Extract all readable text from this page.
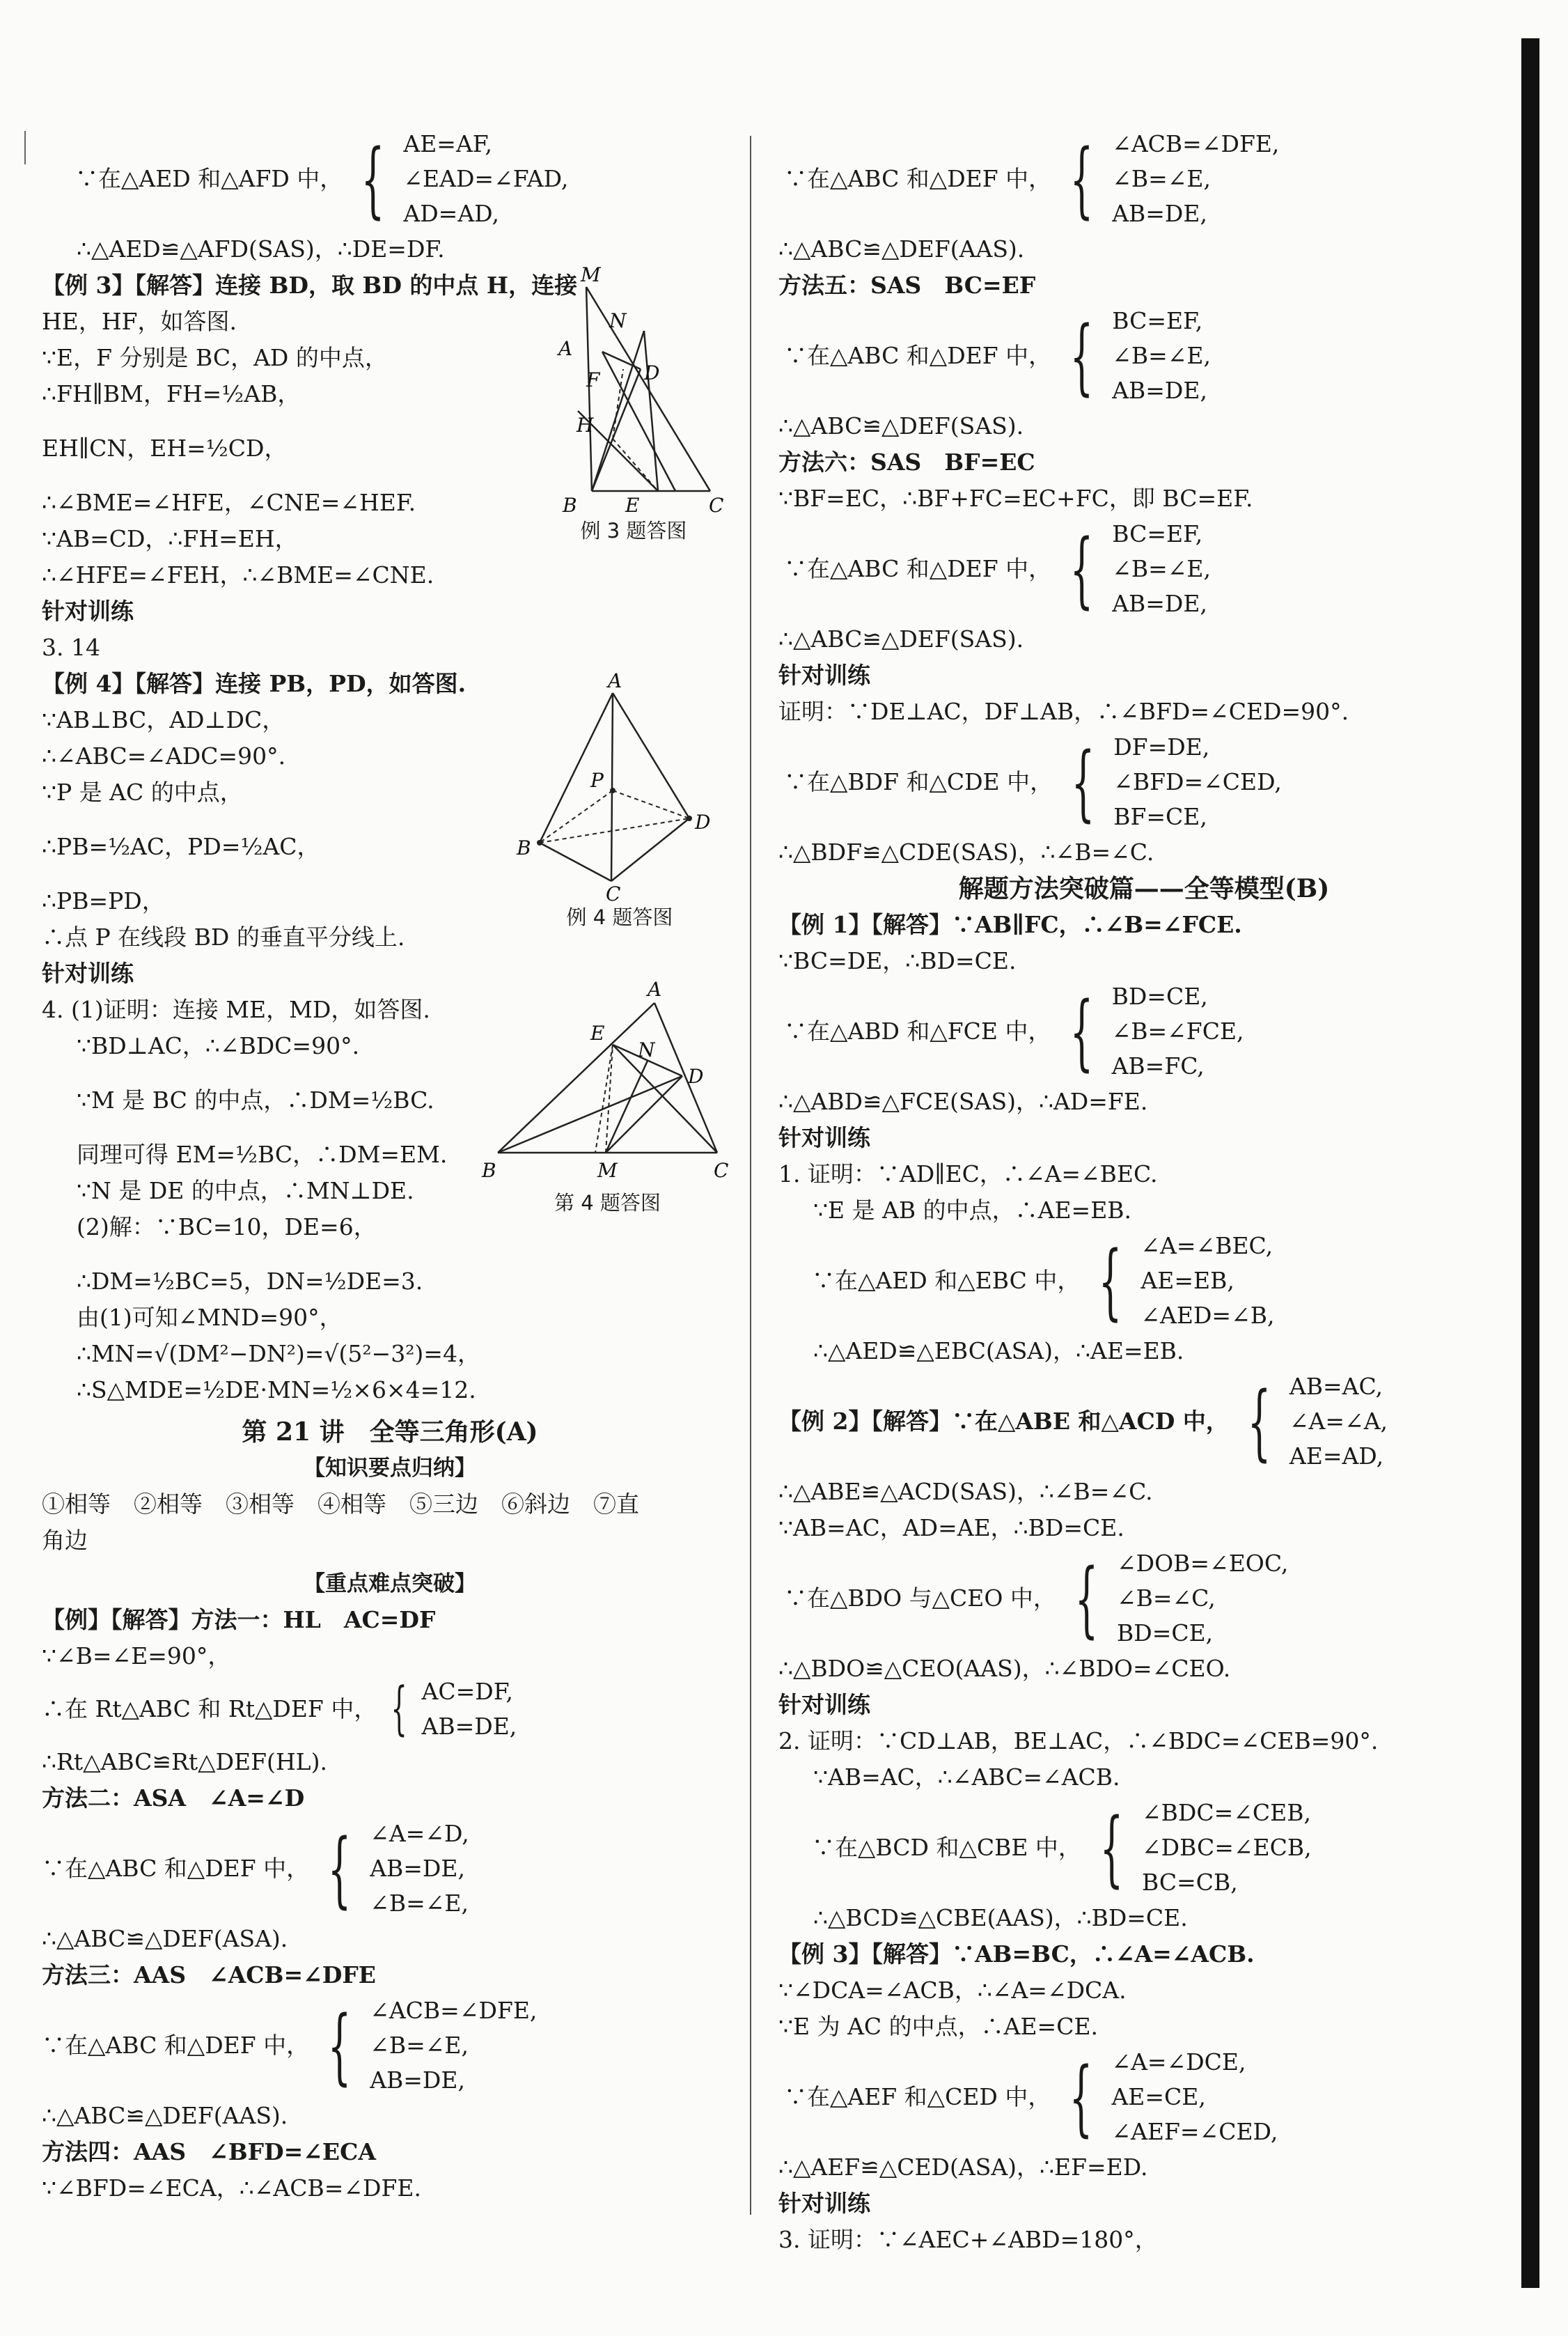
∵在△AED 和△AFD 中， { AE=AF,
∠EAD=∠FAD,
AD=AD,
∴△AED≌△AFD(SAS)，∴DE=DF.
【例 3】【解答】连接 BD，取 BD 的中点 H，连接
HE，HF，如答图.
∵E，F 分别是 BC，AD 的中点，
∴FH∥BM，FH=½AB，
EH∥CN，EH=½CD，
∴∠BME=∠HFE，∠CNE=∠HEF.
∵AB=CD，∴FH=EH，
∴∠HFE=∠FEH，∴∠BME=∠CNE.
针对训练
3. 14
【例 4】【解答】连接 PB，PD，如答图.
∵AB⊥BC，AD⊥DC，
∴∠ABC=∠ADC=90°.
∵P 是 AC 的中点，
∴PB=½AC，PD=½AC，
∴PB=PD，
∴点 P 在线段 BD 的垂直平分线上.
针对训练
4. (1)证明：连接 ME，MD，如答图.
∵BD⊥AC，∴∠BDC=90°.
∵M 是 BC 的中点，∴DM=½BC.
同理可得 EM=½BC，∴DM=EM.
∵N 是 DE 的中点，∴MN⊥DE.
(2)解：∵BC=10，DE=6，
∴DM=½BC=5，DN=½DE=3.
由(1)可知∠MND=90°，
∴MN=√(DM²−DN²)=√(5²−3²)=4，
∴S△MDE=½DE·MN=½×6×4=12.
第 21 讲　全等三角形(A)
【知识要点归纳】
①相等　②相等　③相等　④相等　⑤三边　⑥斜边　⑦直
角边
【重点难点突破】
【例】【解答】方法一：HL　AC=DF
∵∠B=∠E=90°，
∴在 Rt△ABC 和 Rt△DEF 中， { AC=DF,
AB=DE,
∴Rt△ABC≌Rt△DEF(HL).
方法二：ASA　∠A=∠D
∵在△ABC 和△DEF 中， { ∠A=∠D,
AB=DE,
∠B=∠E,
∴△ABC≌△DEF(ASA).
方法三：AAS　∠ACB=∠DFE
∵在△ABC 和△DEF 中， { ∠ACB=∠DFE,
∠B=∠E,
AB=DE,
∴△ABC≌△DEF(AAS).
方法四：AAS　∠BFD=∠ECA
∵∠BFD=∠ECA，∴∠ACB=∠DFE.
M
N
A
D
F
H
B E	C
例 3 题答图
A
P
D
B
C
例 4 题答图
A
E
N
D
B	M	C
第 4 题答图
∵在△ABC 和△DEF 中， { ∠ACB=∠DFE,
∠B=∠E,
AB=DE,
∴△ABC≌△DEF(AAS).
方法五：SAS　BC=EF
∵在△ABC 和△DEF 中， { BC=EF,
∠B=∠E,
AB=DE,
∴△ABC≌△DEF(SAS).
方法六：SAS　BF=EC
∵BF=EC，∴BF+FC=EC+FC，即 BC=EF.
∵在△ABC 和△DEF 中， { BC=EF,
∠B=∠E,
AB=DE,
∴△ABC≌△DEF(SAS).
针对训练
证明：∵DE⊥AC，DF⊥AB，∴∠BFD=∠CED=90°.
∵在△BDF 和△CDE 中， { DF=DE,
∠BFD=∠CED,
BF=CE,
∴△BDF≌△CDE(SAS)，∴∠B=∠C.
解题方法突破篇——全等模型(B)
【例 1】【解答】∵AB∥FC，∴∠B=∠FCE.
∵BC=DE，∴BD=CE.
∵在△ABD 和△FCE 中， { BD=CE,
∠B=∠FCE,
AB=FC,
∴△ABD≌△FCE(SAS)，∴AD=FE.
针对训练
1. 证明：∵AD∥EC，∴∠A=∠BEC.
∵E 是 AB 的中点，∴AE=EB.
∵在△AED 和△EBC 中， { ∠A=∠BEC,
AE=EB,
∠AED=∠B,
∴△AED≌△EBC(ASA)，∴AE=EB.
【例 2】【解答】∵在△ABE 和△ACD 中， { AB=AC,
∠A=∠A,
AE=AD,
∴△ABE≌△ACD(SAS)，∴∠B=∠C.
∵AB=AC，AD=AE，∴BD=CE.
∵在△BDO 与△CEO 中， { ∠DOB=∠EOC,
∠B=∠C,
BD=CE,
∴△BDO≌△CEO(AAS)，∴∠BDO=∠CEO.
针对训练
2. 证明：∵CD⊥AB，BE⊥AC，∴∠BDC=∠CEB=90°.
∵AB=AC，∴∠ABC=∠ACB.
∵在△BCD 和△CBE 中， { ∠BDC=∠CEB,
∠DBC=∠ECB,
BC=CB,
∴△BCD≌△CBE(AAS)，∴BD=CE.
【例 3】【解答】∵AB=BC，∴∠A=∠ACB.
∵∠DCA=∠ACB，∴∠A=∠DCA.
∵E 为 AC 的中点，∴AE=CE.
∵在△AEF 和△CED 中， { ∠A=∠DCE,
AE=CE,
∠AEF=∠CED,
∴△AEF≌△CED(ASA)，∴EF=ED.
针对训练
3. 证明：∵∠AEC+∠ABD=180°，
